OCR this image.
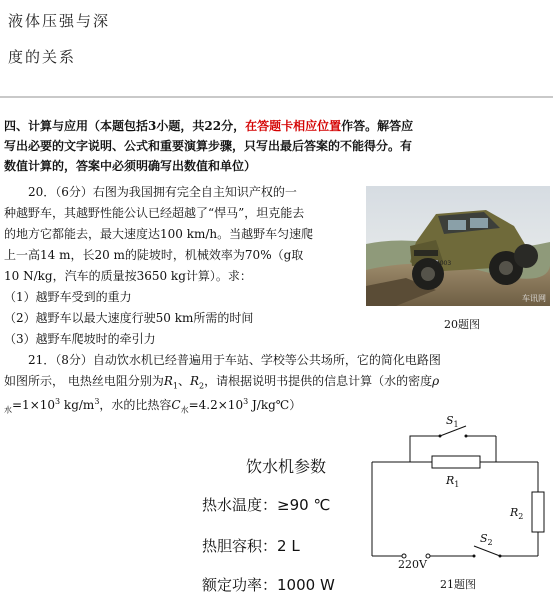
液体压强与深
度的关系
四、计算与应用（本题包括3小题，共22分，在答题卡相应位置作答。解答应
写出必要的文字说明、公式和重要演算步骤，只写出最后答案的不能得分。有
数值计算的，答案中必须明确写出数值和单位）
20．（6分）右图为我国拥有完全自主知识产权的一
种越野车，其越野性能公认已经超越了“悍马”，坦克能去
的地方它都能去，最大速度达100 km/h。当越野车匀速爬
上一高14 m，长20 m的陡坡时，机械效率为70%（g取
10 N/kg，汽车的质量按3650 kg计算）。求：
（1）越野车受到的重力
（2）越野车以最大速度行驶50 km所需的时间
（3）越野车爬坡时的牵引力
军·9003
车讯网
20题图
21．（8分）自动饮水机已经普遍用于车站、学校等公共场所，它的简化电路图
如图所示， 电热丝电阻分别为$R_1$、$R_2$，请根据说明书提供的信息计算（水的密度ρ
$_水=1\times 10^3$ $kg/m^3$，水的比热容$C_水=4.2\times 10^3$ J/kg℃）
饮水机参数
热水温度：≥90 ℃
热胆容积：2 L
额定功率：1000 W
$S_1$
$R_1$
$R_2$
$S_2$
220V
21题图
